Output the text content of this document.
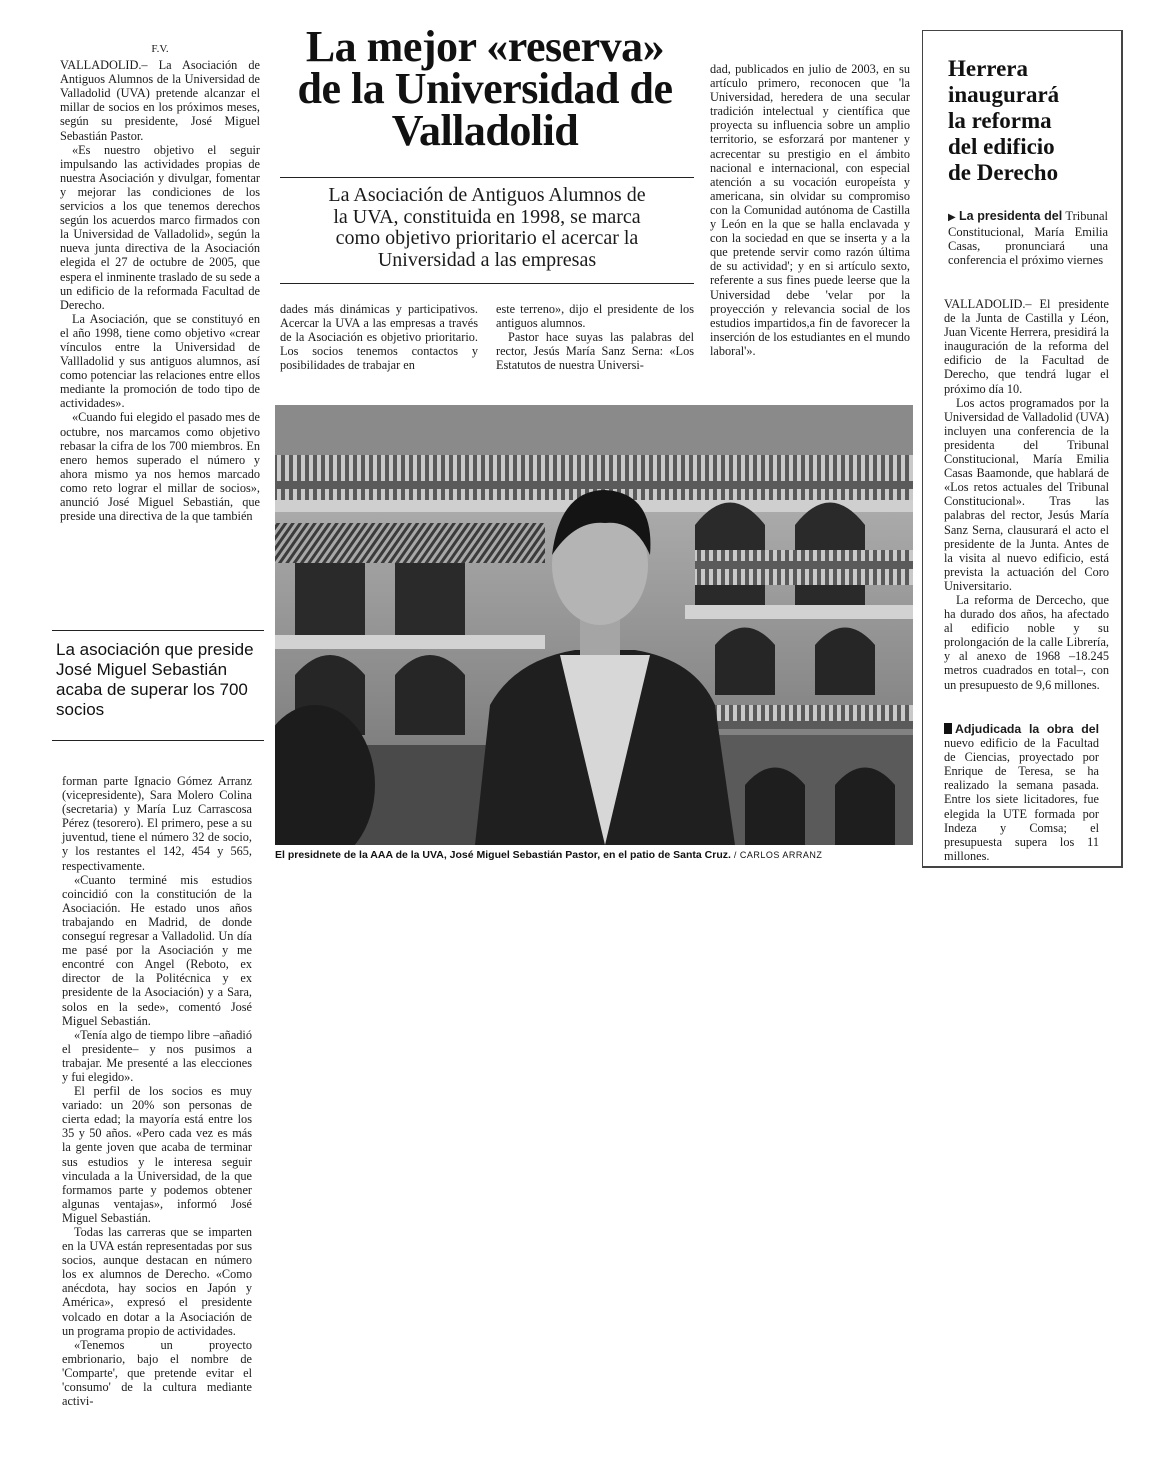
F.V.

VALLADOLID.– La Asociación de Antiguos Alumnos de la Universidad de Valladolid (UVA) pretende alcanzar el millar de socios en los próximos meses, según su presidente, José Miguel Sebastián Pastor.

«Es nuestro objetivo el seguir impulsando las actividades propias de nuestra Asociación y divulgar, fomentar y mejorar las condiciones de los servicios a los que tenemos derechos según los acuerdos marco firmados con la Universidad de Valladolid», según la nueva junta directiva de la Asociación elegida el 27 de octubre de 2005, que espera el inminente traslado de su sede a un edificio de la reformada Facultad de Derecho.

La Asociación, que se constituyó en el año 1998, tiene como objetivo «crear vínculos entre la Universidad de Vallladolid y sus antiguos alumnos, así como potenciar las relaciones entre ellos mediante la promoción de todo tipo de actividades».

«Cuando fui elegido el pasado mes de octubre, nos marcamos como objetivo rebasar la cifra de los 700 miembros. En enero hemos superado el número y ahora mismo ya nos hemos marcado como reto lograr el millar de socios», anunció José Miguel Sebastián, que preside una directiva de la que también

La asociación que preside José Miguel Sebastián acaba de superar los 700 socios

forman parte Ignacio Gómez Arranz (vicepresidente), Sara Molero Colina (secretaria) y María Luz Carrascosa Pérez (tesorero). El primero, pese a su juventud, tiene el número 32 de socio, y los restantes el 142, 454 y 565, respectivamente.

«Cuanto terminé mis estudios coincidió con la constitución de la Asociación. He estado unos años trabajando en Madrid, de donde conseguí regresar a Valladolid. Un día me pasé por la Asociación y me encontré con Angel (Reboto, ex director de la Politécnica y ex presidente de la Asociación) y a Sara, solos en la sede», comentó José Miguel Sebastián.

«Tenía algo de tiempo libre –añadió el presidente– y nos pusimos a trabajar. Me presenté a las elecciones y fui elegido».

El perfil de los socios es muy variado: un 20% son personas de cierta edad; la mayoría está entre los 35 y 50 años. «Pero cada vez es más la gente joven que acaba de terminar sus estudios y le interesa seguir vinculada a la Universidad, de la que formamos parte y podemos obtener algunas ventajas», informó José Miguel Sebastián.

Todas las carreras que se imparten en la UVA están representadas por sus socios, aunque destacan en número los ex alumnos de Derecho. «Como anécdota, hay socios en Japón y América», expresó el presidente volcado en dotar a la Asociación de un programa propio de actividades.

«Tenemos un proyecto embrionario, bajo el nombre de 'Comparte', que pretende evitar el 'consumo' de la cultura mediante activi-

La mejor «reserva»
de la Universidad de
Valladolid
La Asociación de Antiguos Alumnos de
la UVA, constituida en 1998, se marca
como objetivo prioritario el acercar la
Universidad a las empresas

dades más dinámicas y participativos. Acercar la UVA a las empresas a través de la Asociación es objetivo prioritario. Los socios tenemos contactos y posibilidades de trabajar en

este terreno», dijo el presidente de los antiguos alumnos.

Pastor hace suyas las palabras del rector, Jesús María Sanz Serna: «Los Estatutos de nuestra Universi-

dad, publicados en julio de 2003, en su artículo primero, reconocen que 'la Universidad, heredera de una secular tradición intelectual y científica que proyecta su influencia sobre un amplio territorio, se esforzará por mantener y acrecentar su prestigio en el ámbito nacional e internacional, con especial atención a su vocación europeísta y americana, sin olvidar su compromiso con la Comunidad autónoma de Castilla y León en la que se halla enclavada y con la sociedad en que se inserta y a la que pretende servir como razón última de su actividad'; y en si artículo sexto, referente a sus fines puede leerse que la Universidad debe 'velar por la proyección y relevancia social de los estudios impartidos,a fin de favorecer la inserción de los estudiantes en el mundo laboral'».

El presidnete de la AAA de la UVA, José Miguel Sebastián Pastor, en el patio de Santa Cruz. / CARLOS ARRANZ
Herrera
inaugurará
la reforma
del edificio
de Derecho
▶ La presidenta del Tribunal Constitucional, María Emilia Casas, pronunciará una conferencia el próximo viernes

VALLADOLID.– El presidente de la Junta de Castilla y Léon, Juan Vicente Herrera, presidirá la inauguración de la reforma del edificio de la Facultad de Derecho, que tendrá lugar el próximo día 10.

Los actos programados por la Universidad de Valladolid (UVA) incluyen una conferencia de la presidenta del Tribunal Constitucional, María Emilia Casas Baamonde, que hablará de «Los retos actuales del Tribunal Constitucional». Tras las palabras del rector, Jesús María Sanz Serna, clausurará el acto el presidente de la Junta. Antes de la visita al nuevo edificio, está prevista la actuación del Coro Universitario.

La reforma de Dercecho, que ha durado dos años, ha afectado al edificio noble y su prolongación de la calle Librería, y al anexo de 1968 –18.245 metros cuadrados en total–, con un presupuesto de 9,6 millones.

Adjudicada la obra del nuevo edificio de la Facultad de Ciencias, proyectado por Enrique de Teresa, se ha realizado la semana pasada. Entre los siete licitadores, fue elegida la UTE formada por Indeza y Comsa; el presupuesta supera los 11 millones.
